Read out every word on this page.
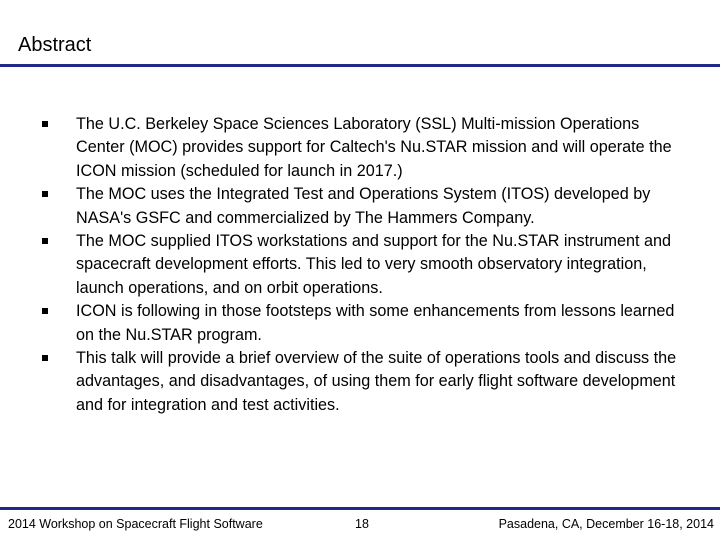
Abstract
The U.C. Berkeley Space Sciences Laboratory (SSL) Multi-mission Operations Center (MOC) provides support for Caltech's Nu.STAR mission and will operate the ICON mission (scheduled for launch in 2017.)
The MOC uses the Integrated Test and Operations System (ITOS) developed by NASA's GSFC and commercialized by The Hammers Company.
The MOC supplied ITOS workstations and support for the Nu.STAR instrument and spacecraft development efforts. This led to very smooth observatory integration, launch operations, and on orbit operations.
ICON is following in those footsteps with some enhancements from lessons learned on the Nu.STAR program.
This talk will provide a brief overview of the suite of operations tools and discuss the advantages, and disadvantages, of using them for early flight software development and for integration and test activities.
2014 Workshop on Spacecraft Flight Software	18	Pasadena, CA, December 16-18, 2014
